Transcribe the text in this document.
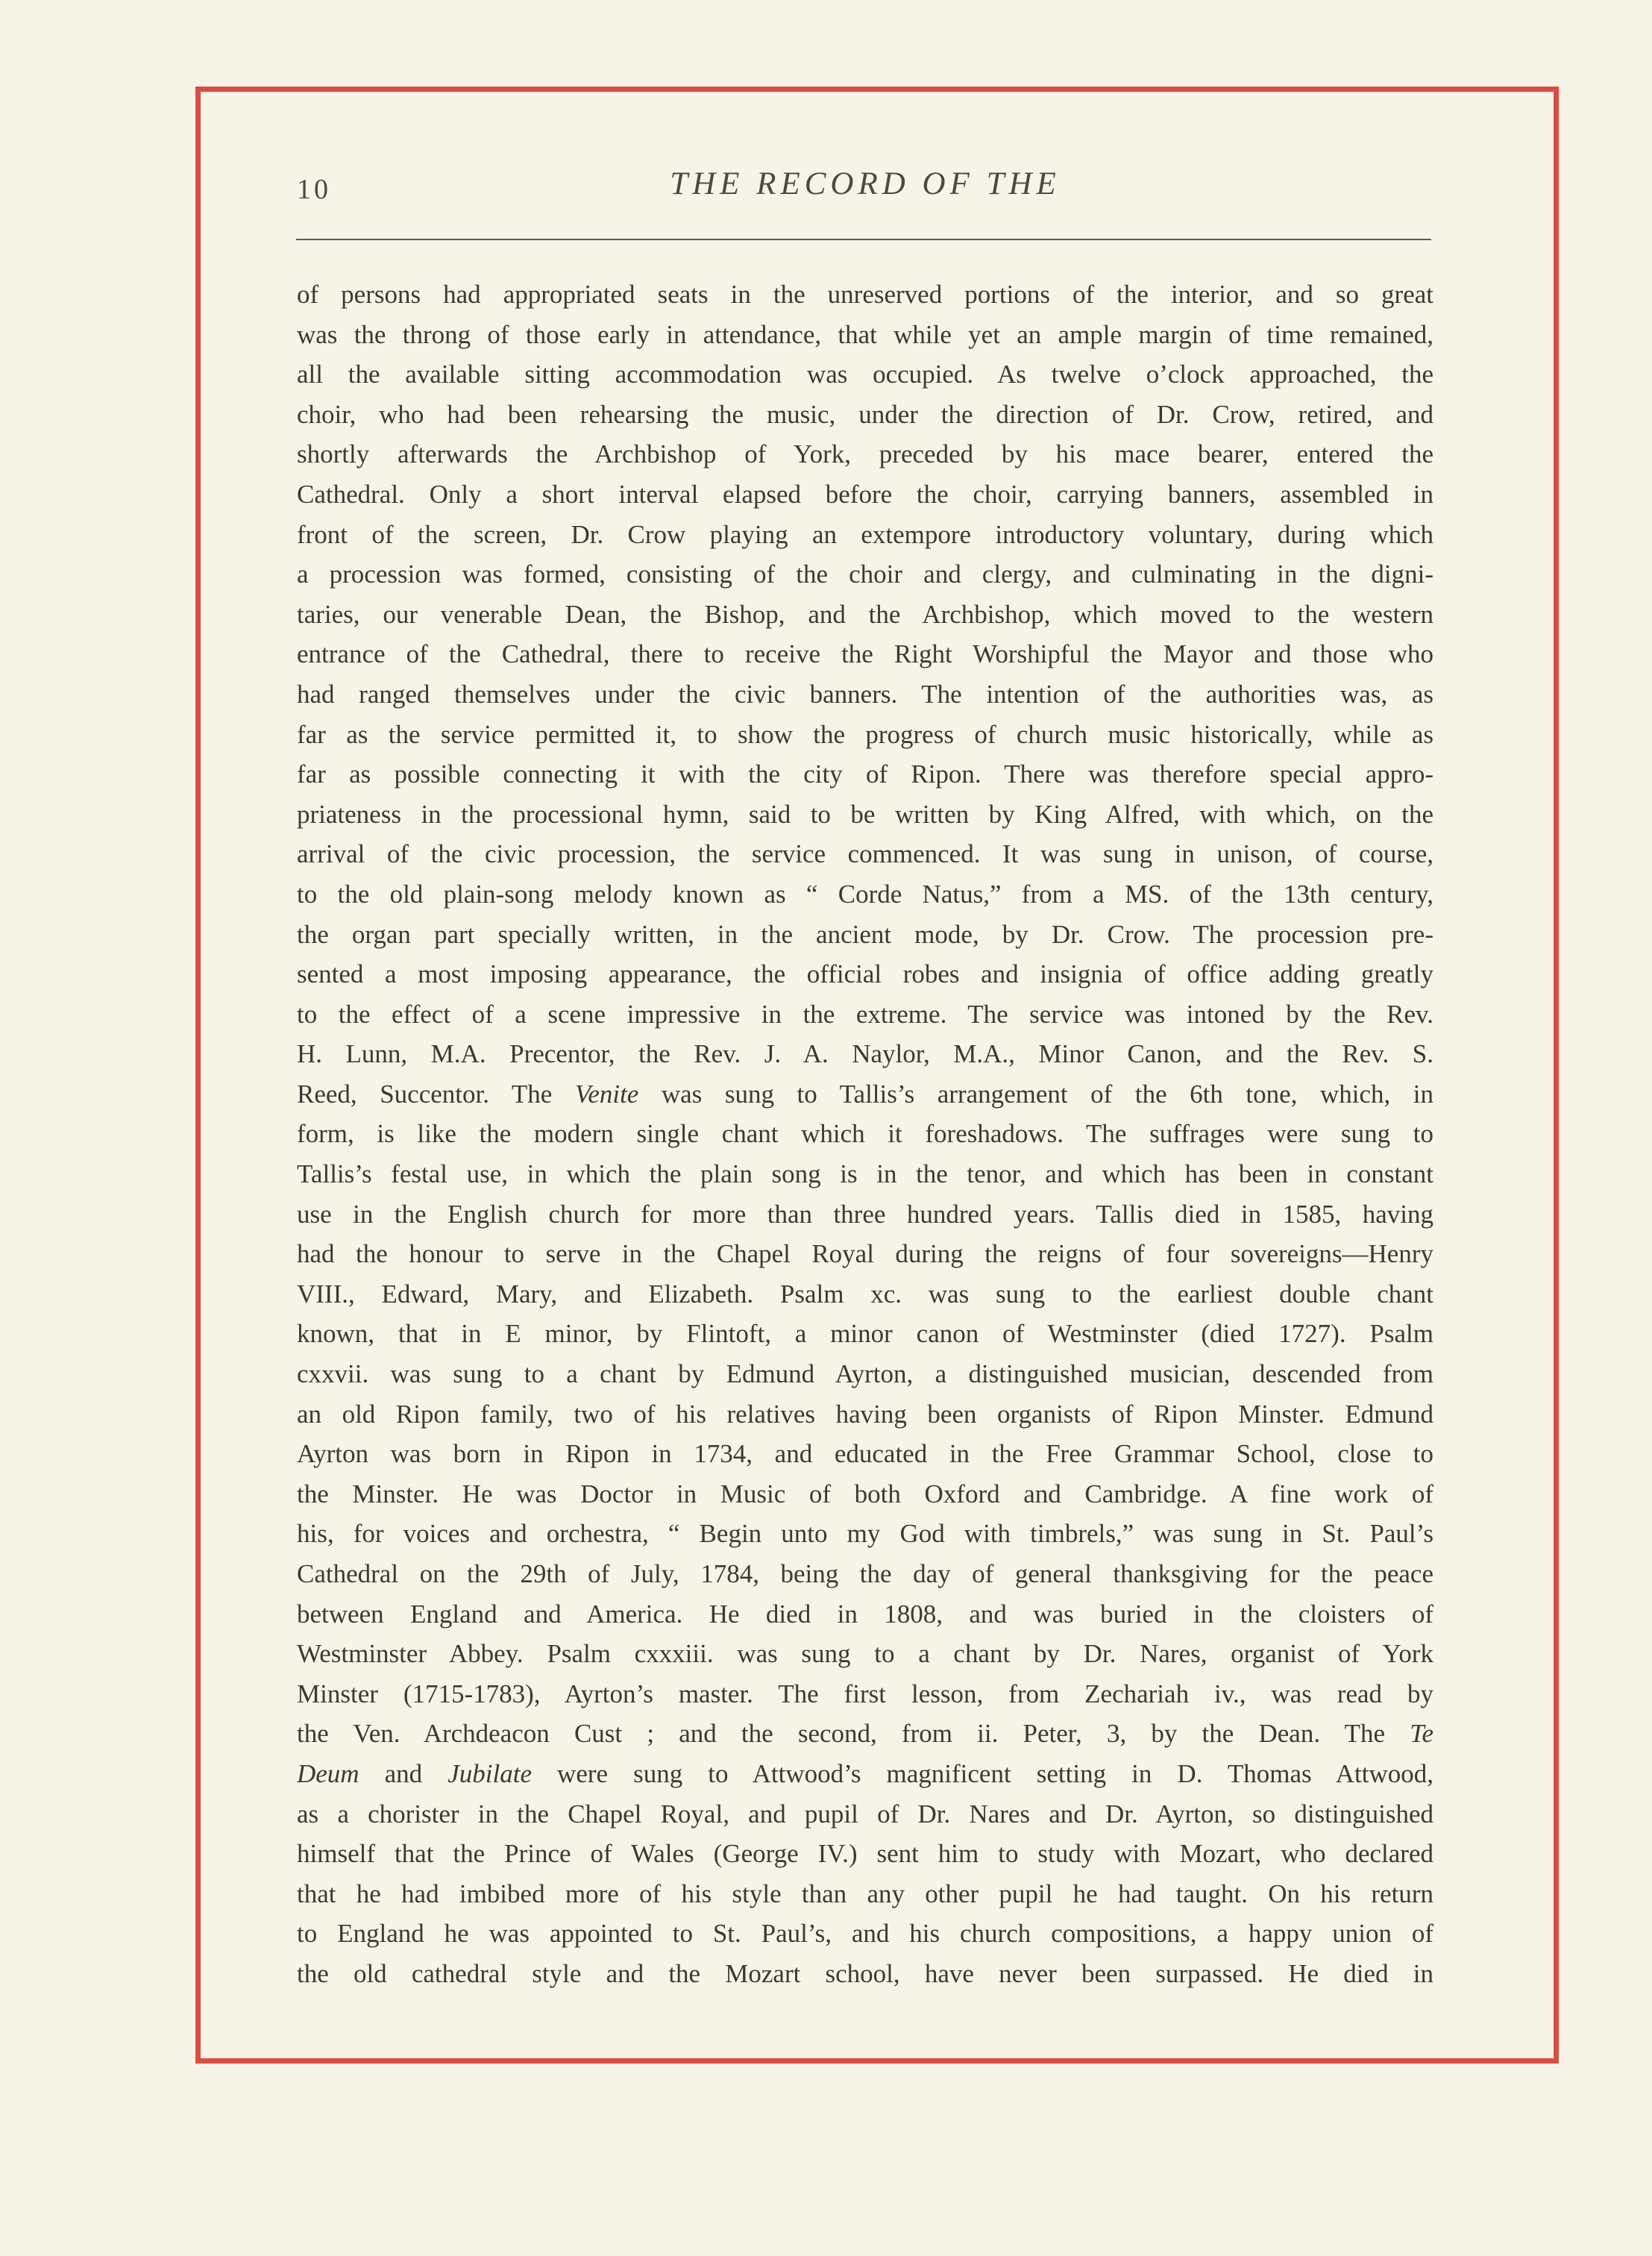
10	THE RECORD OF THE
of persons had appropriated seats in the unreserved portions of the interior, and so great
was the throng of those early in attendance, that while yet an ample margin of time remained,
all the available sitting accommodation was occupied. As twelve o’clock approached, the
choir, who had been rehearsing the music, under the direction of Dr. Crow, retired, and
shortly afterwards the Archbishop of York, preceded by his mace bearer, entered the
Cathedral. Only a short interval elapsed before the choir, carrying banners, assembled in
front of the screen, Dr. Crow playing an extempore introductory voluntary, during which
a procession was formed, consisting of the choir and clergy, and culminating in the digni-
taries, our venerable Dean, the Bishop, and the Archbishop, which moved to the western
entrance of the Cathedral, there to receive the Right Worshipful the Mayor and those who
had ranged themselves under the civic banners. The intention of the authorities was, as
far as the service permitted it, to show the progress of church music historically, while as
far as possible connecting it with the city of Ripon. There was therefore special appro-
priateness in the processional hymn, said to be written by King Alfred, with which, on the
arrival of the civic procession, the service commenced. It was sung in unison, of course,
to the old plain-song melody known as “ Corde Natus,” from a MS. of the 13th century,
the organ part specially written, in the ancient mode, by Dr. Crow. The procession pre-
sented a most imposing appearance, the official robes and insignia of office adding greatly
to the effect of a scene impressive in the extreme. The service was intoned by the Rev.
H. Lunn, M.A. Precentor, the Rev. J. A. Naylor, M.A., Minor Canon, and the Rev. S.
Reed, Succentor. The Venite was sung to Tallis’s arrangement of the 6th tone, which, in
form, is like the modern single chant which it foreshadows. The suffrages were sung to
Tallis’s festal use, in which the plain song is in the tenor, and which has been in constant
use in the English church for more than three hundred years. Tallis died in 1585, having
had the honour to serve in the Chapel Royal during the reigns of four sovereigns—Henry
VIII., Edward, Mary, and Elizabeth. Psalm xc. was sung to the earliest double chant
known, that in E minor, by Flintoft, a minor canon of Westminster (died 1727). Psalm
cxxvii. was sung to a chant by Edmund Ayrton, a distinguished musician, descended from
an old Ripon family, two of his relatives having been organists of Ripon Minster. Edmund
Ayrton was born in Ripon in 1734, and educated in the Free Grammar School, close to
the Minster. He was Doctor in Music of both Oxford and Cambridge. A fine work of
his, for voices and orchestra, “ Begin unto my God with timbrels,” was sung in St. Paul’s
Cathedral on the 29th of July, 1784, being the day of general thanksgiving for the peace
between England and America. He died in 1808, and was buried in the cloisters of
Westminster Abbey. Psalm cxxxiii. was sung to a chant by Dr. Nares, organist of York
Minster (1715-1783), Ayrton’s master. The first lesson, from Zechariah iv., was read by
the Ven. Archdeacon Cust ; and the second, from ii. Peter, 3, by the Dean. The Te
Deum and Jubilate were sung to Attwood’s magnificent setting in D. Thomas Attwood,
as a chorister in the Chapel Royal, and pupil of Dr. Nares and Dr. Ayrton, so distinguished
himself that the Prince of Wales (George IV.) sent him to study with Mozart, who declared
that he had imbibed more of his style than any other pupil he had taught. On his return
to England he was appointed to St. Paul’s, and his church compositions, a happy union of
the old cathedral style and the Mozart school, have never been surpassed. He died in
